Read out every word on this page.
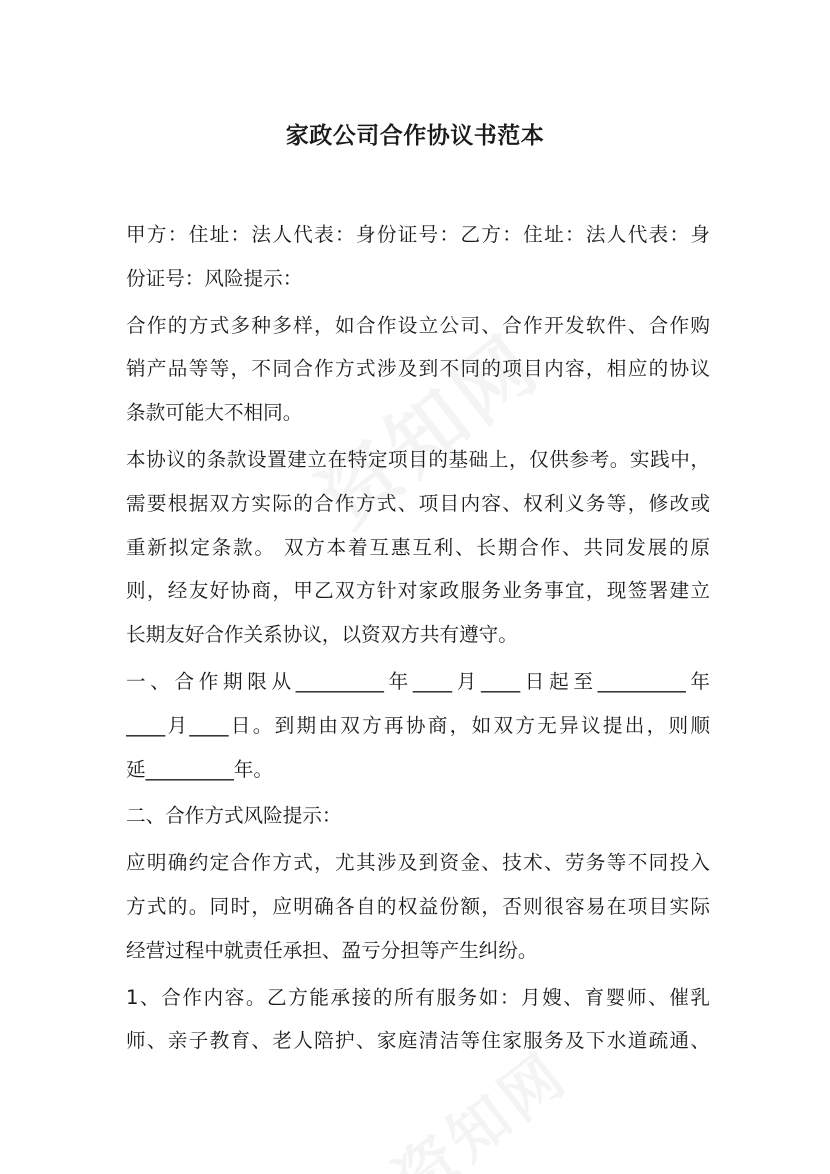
家政公司合作协议书范本
甲方：住址：法人代表：身份证号：乙方：住址：法人代表：身
份证号：风险提示：
合作的方式多种多样，如合作设立公司、合作开发软件、合作购
销产品等等，不同合作方式涉及到不同的项目内容，相应的协议
条款可能大不相同。
本协议的条款设置建立在特定项目的基础上，仅供参考。实践中，
需要根据双方实际的合作方式、项目内容、权利义务等，修改或
重新拟定条款。 双方本着互惠互利、长期合作、共同发展的原
则，经友好协商，甲乙双方针对家政服务业务事宜，现签署建立
长期友好合作关系协议，以资双方共有遵守。
一、合作期限从_________年____月____日起至_________年
____月____日。到期由双方再协商，如双方无异议提出，则顺
延_________年。
二、合作方式风险提示：
应明确约定合作方式，尤其涉及到资金、技术、劳务等不同投入
方式的。同时，应明确各自的权益份额，否则很容易在项目实际
经营过程中就责任承担、盈亏分担等产生纠纷。
1、合作内容。乙方能承接的所有服务如：月嫂、育婴师、催乳
师、亲子教育、老人陪护、家庭清洁等住家服务及下水道疏通、
